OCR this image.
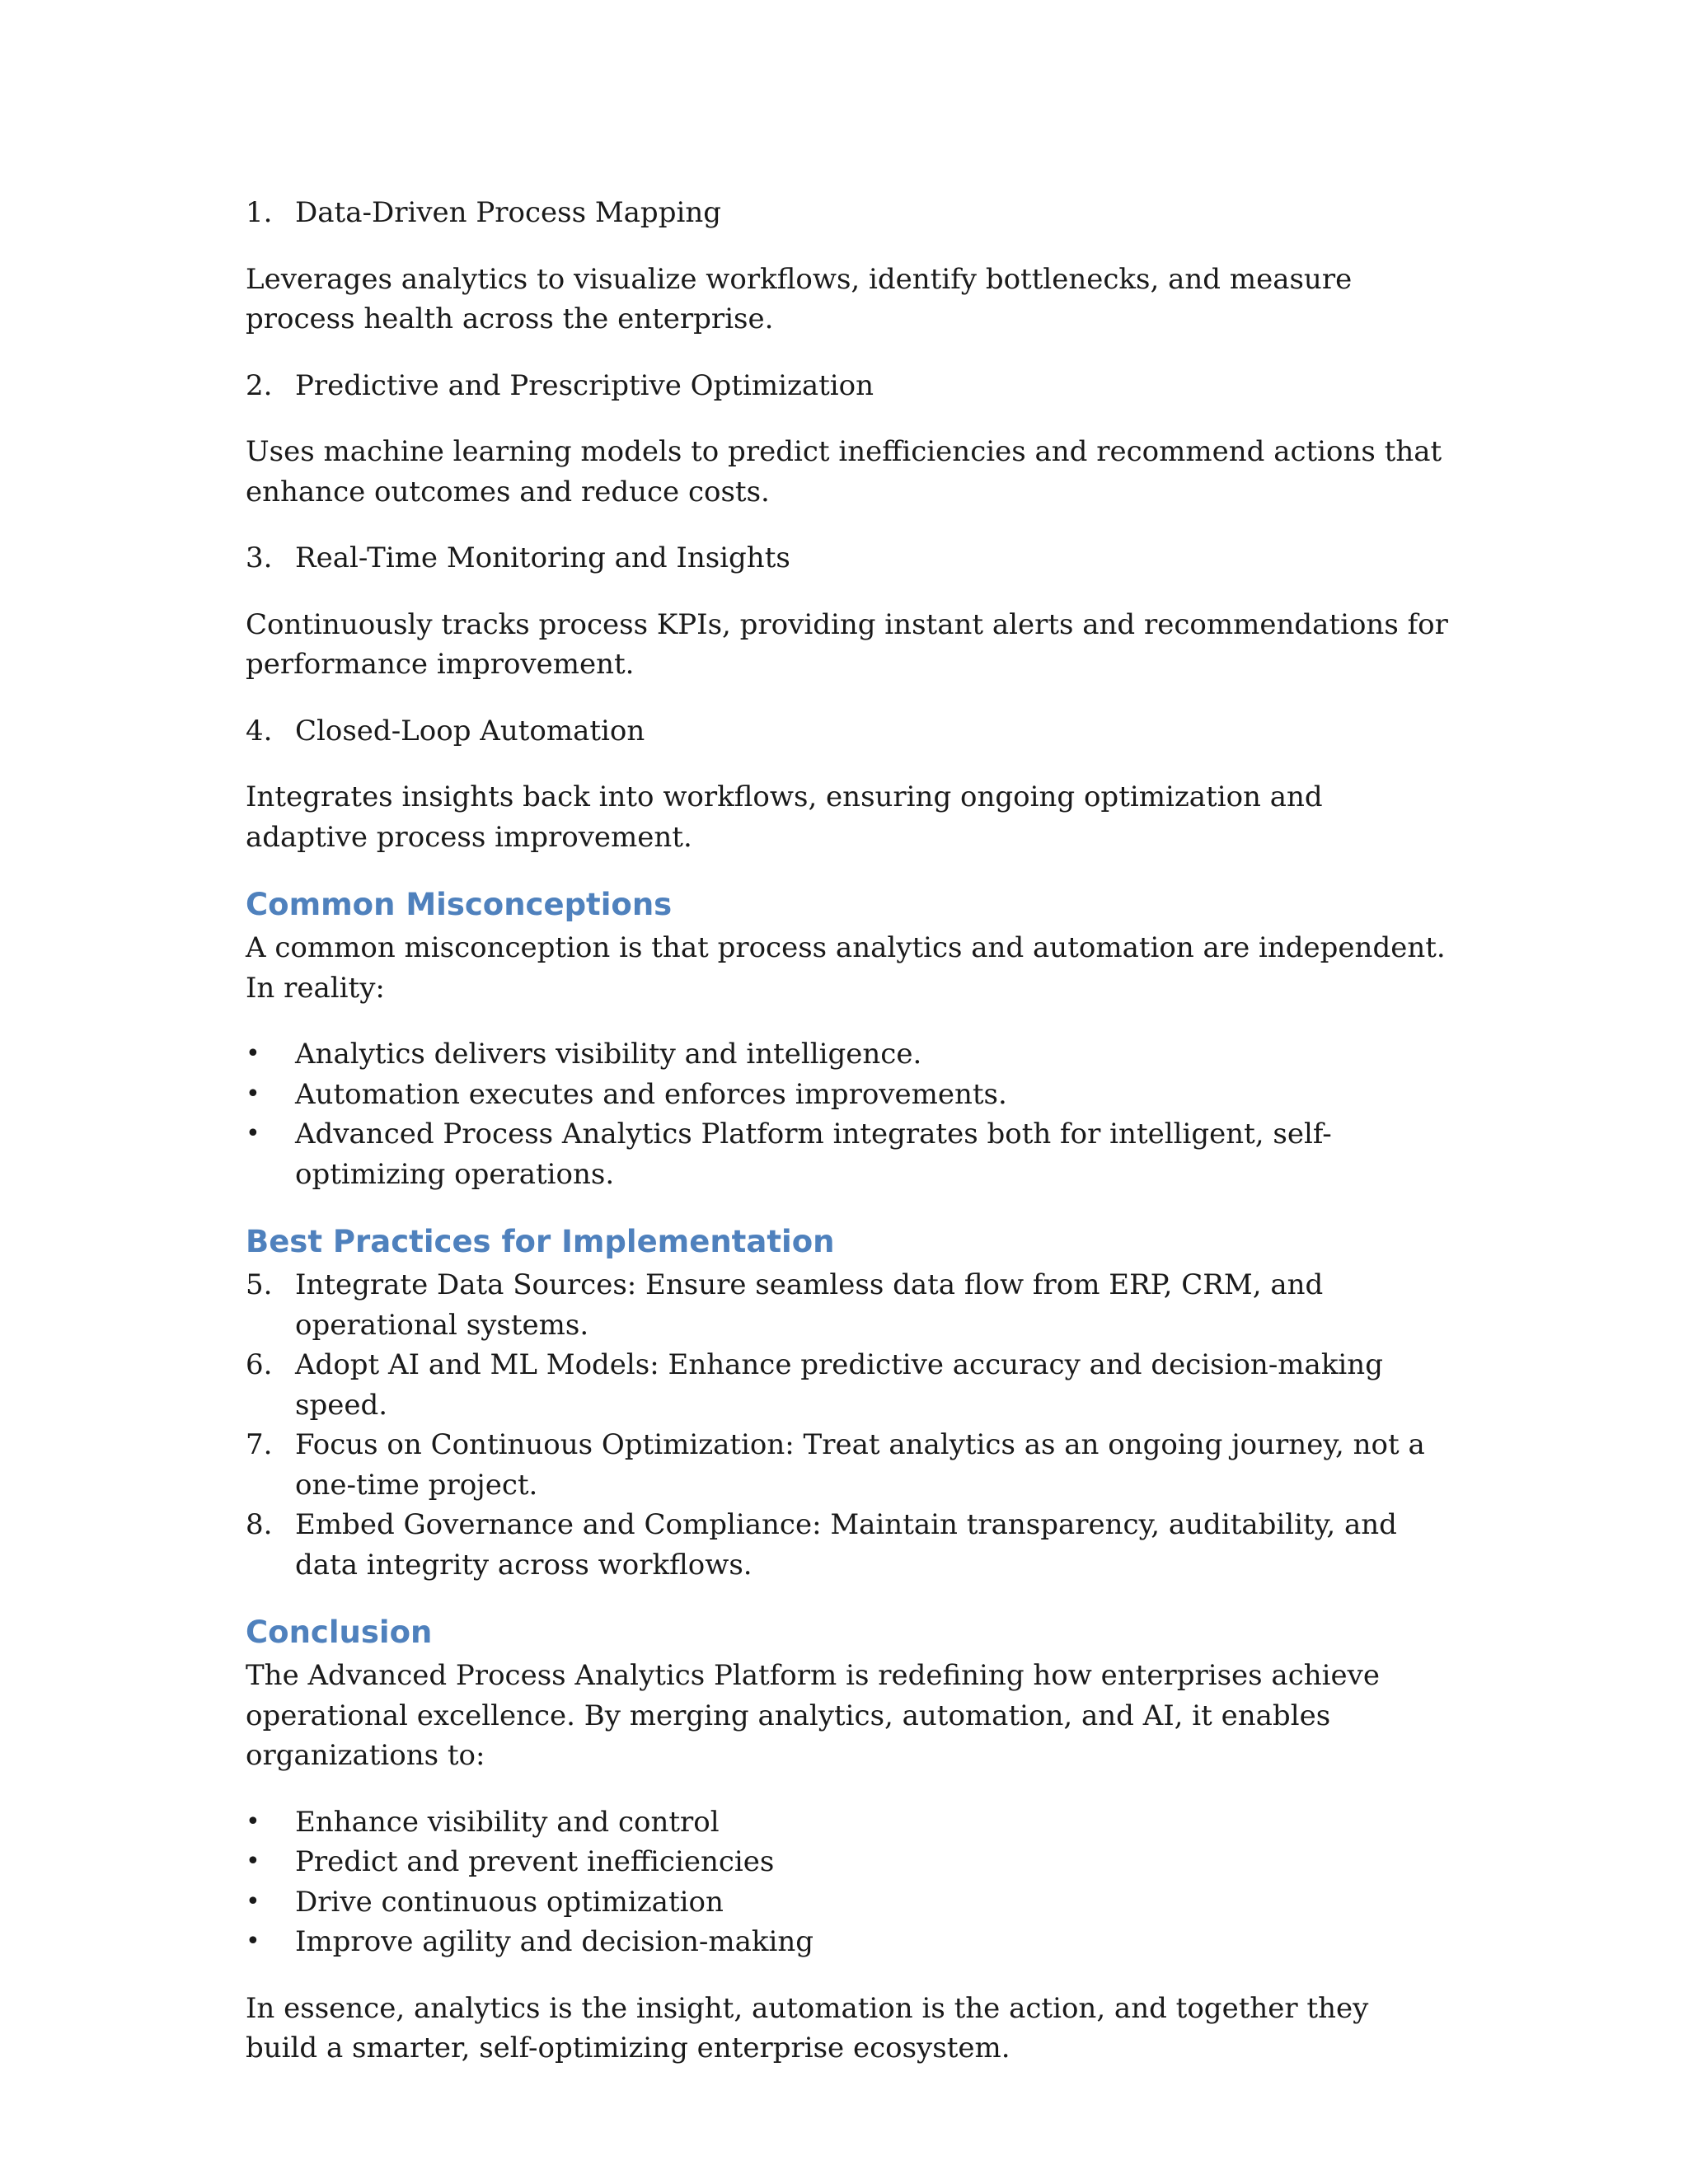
1. Data-Driven Process Mapping

Leverages analytics to visualize workflows, identify bottlenecks, and measure process health across the enterprise.

2. Predictive and Prescriptive Optimization

Uses machine learning models to predict inefficiencies and recommend actions that enhance outcomes and reduce costs.

3. Real-Time Monitoring and Insights

Continuously tracks process KPIs, providing instant alerts and recommendations for performance improvement.

4. Closed-Loop Automation

Integrates insights back into workflows, ensuring ongoing optimization and adaptive process improvement.

Common Misconceptions

A common misconception is that process analytics and automation are independent. In reality:

•	Analytics delivers visibility and intelligence.
•	Automation executes and enforces improvements.
•	Advanced Process Analytics Platform integrates both for intelligent, self-optimizing operations.
Best Practices for Implementation
5. Integrate Data Sources: Ensure seamless data flow from ERP, CRM, and operational systems.
6. Adopt AI and ML Models: Enhance predictive accuracy and decision-making speed.
7. Focus on Continuous Optimization: Treat analytics as an ongoing journey, not a one-time project.
8. Embed Governance and Compliance: Maintain transparency, auditability, and data integrity across workflows.
Conclusion

The Advanced Process Analytics Platform is redefining how enterprises achieve operational excellence. By merging analytics, automation, and AI, it enables organizations to:

•	Enhance visibility and control
•	Predict and prevent inefficiencies
•	Drive continuous optimization
•	Improve agility and decision-making

In essence, analytics is the insight, automation is the action, and together they build a smarter, self-optimizing enterprise ecosystem.
